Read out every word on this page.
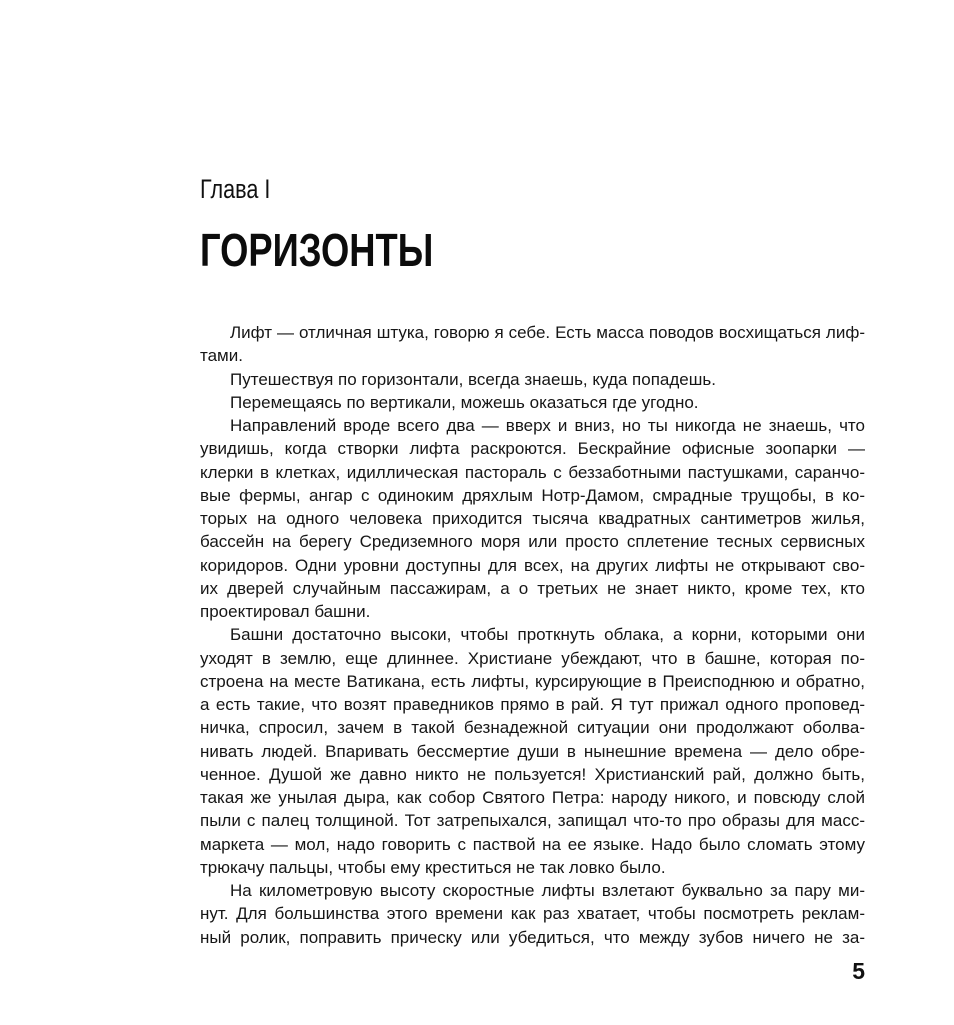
Глава I
ГОРИЗОНТЫ
Лифт — отличная штука, говорю я себе. Есть масса поводов восхищаться лиф-
тами.
Путешествуя по горизонтали, всегда знаешь, куда попадешь.
Перемещаясь по вертикали, можешь оказаться где угодно.
Направлений вроде всего два — вверх и вниз, но ты никогда не знаешь, что
увидишь, когда створки лифта раскроются. Бескрайние офисные зоопарки —
клерки в клетках, идиллическая пастораль с беззаботными пастушками, саранчо-
вые фермы, ангар с одиноким дряхлым Нотр-Дамом, смрадные трущобы, в ко-
торых на одного человека приходится тысяча квадратных сантиметров жилья,
бассейн на берегу Средиземного моря или просто сплетение тесных сервисных
коридоров. Одни уровни доступны для всех, на других лифты не открывают сво-
их дверей случайным пассажирам, а о третьих не знает никто, кроме тех, кто
проектировал башни.
Башни достаточно высоки, чтобы проткнуть облака, а корни, которыми они
уходят в землю, еще длиннее. Христиане убеждают, что в башне, которая по-
строена на месте Ватикана, есть лифты, курсирующие в Преисподнюю и обратно,
а есть такие, что возят праведников прямо в рай. Я тут прижал одного проповед-
ничка, спросил, зачем в такой безнадежной ситуации они продолжают оболва-
нивать людей. Впаривать бессмертие души в нынешние времена — дело обре-
ченное. Душой же давно никто не пользуется! Христианский рай, должно быть,
такая же унылая дыра, как собор Святого Петра: народу никого, и повсюду слой
пыли с палец толщиной. Тот затрепыхался, запищал что-то про образы для масс-
маркета — мол, надо говорить с паствой на ее языке. Надо было сломать этому
трюкачу пальцы, чтобы ему креститься не так ловко было.
На километровую высоту скоростные лифты взлетают буквально за пару ми-
нут. Для большинства этого времени как раз хватает, чтобы посмотреть реклам-
ный ролик, поправить прическу или убедиться, что между зубов ничего не за-
5
